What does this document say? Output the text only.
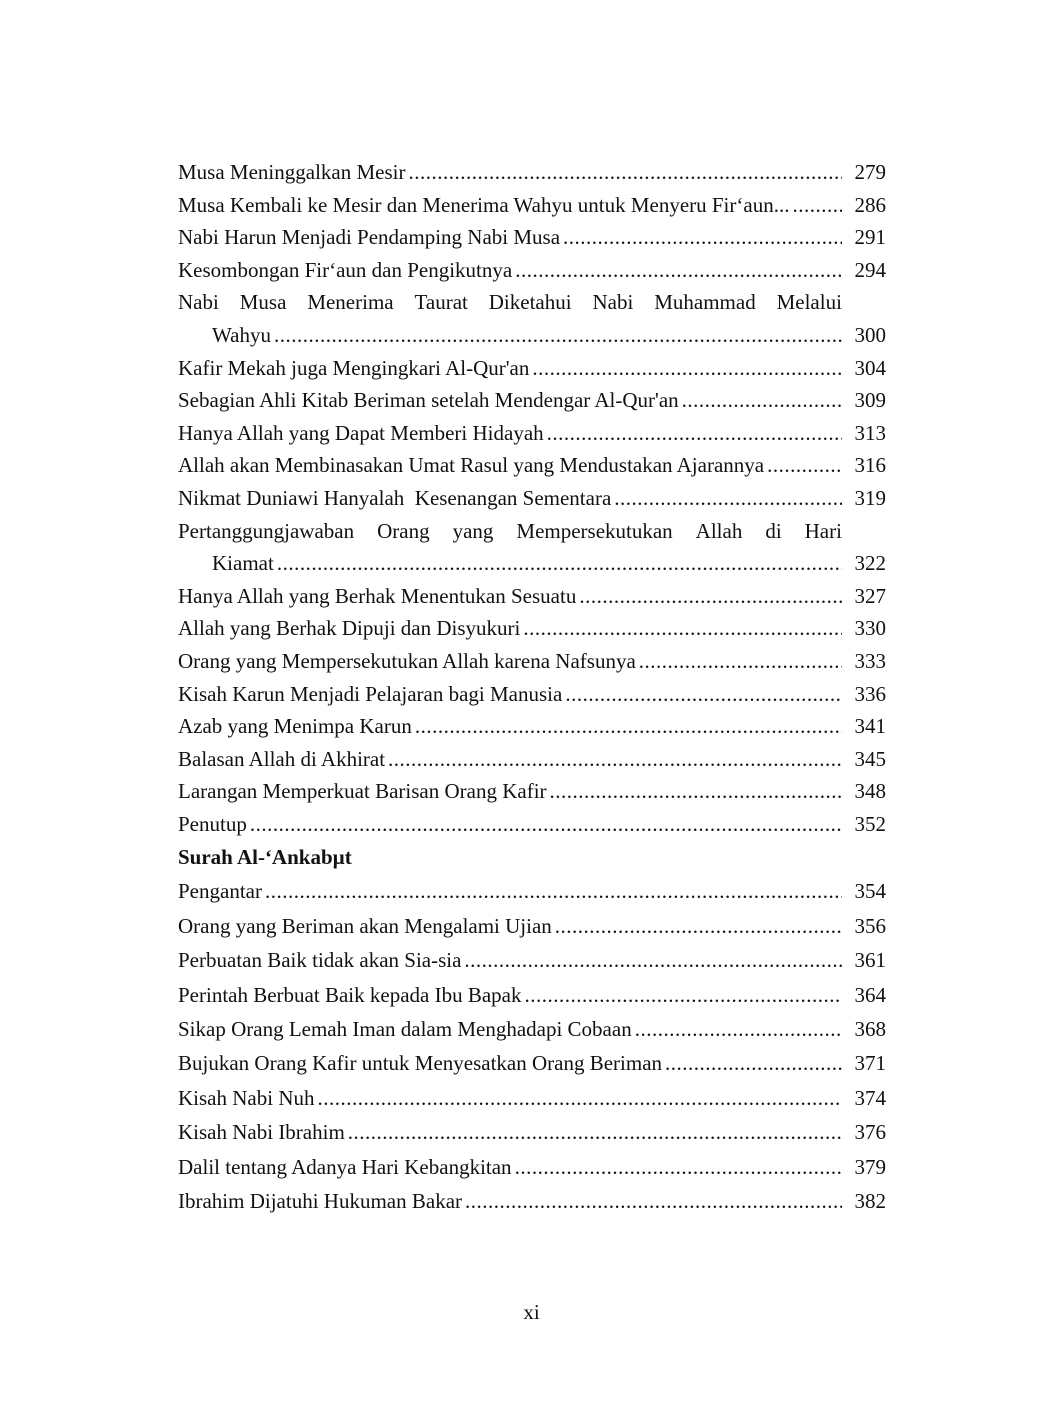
Musa Meninggalkan Mesir .....	279
Musa Kembali ke Mesir dan Menerima Wahyu untuk Menyeru Fir‘aun... .....	286
Nabi Harun Menjadi Pendamping Nabi Musa .....	291
Kesombongan Fir‘aun dan Pengikutnya .....	294
Nabi Musa Menerima Taurat Diketahui Nabi Muhammad Melalui
Wahyu .....	300
Kafir Mekah juga Mengingkari Al-Qur'an .....	304
Sebagian Ahli Kitab Beriman setelah Mendengar Al-Qur'an .....	309
Hanya Allah yang Dapat Memberi Hidayah .....	313
Allah akan Membinasakan Umat Rasul yang Mendustakan Ajarannya .....	316
Nikmat Duniawi Hanyalah  Kesenangan Sementara .....	319
Pertanggungjawaban Orang yang Mempersekutukan Allah di Hari
Kiamat .....	322
Hanya Allah yang Berhak Menentukan Sesuatu .....	327
Allah yang Berhak Dipuji dan Disyukuri .....	330
Orang yang Mempersekutukan Allah karena Nafsunya .....	333
Kisah Karun Menjadi Pelajaran bagi Manusia .....	336
Azab yang Menimpa Karun .....	341
Balasan Allah di Akhirat .....	345
Larangan Memperkuat Barisan Orang Kafir .....	348
Penutup .....	352
Surah Al-‘Ankabµt
Pengantar .....	354
Orang yang Beriman akan Mengalami Ujian .....	356
Perbuatan Baik tidak akan Sia-sia .....	361
Perintah Berbuat Baik kepada Ibu Bapak .....	364
Sikap Orang Lemah Iman dalam Menghadapi Cobaan .....	368
Bujukan Orang Kafir untuk Menyesatkan Orang Beriman .....	371
Kisah Nabi Nuh .....	374
Kisah Nabi Ibrahim .....	376
Dalil tentang Adanya Hari Kebangkitan .....	379
Ibrahim Dijatuhi Hukuman Bakar .....	382
xi
